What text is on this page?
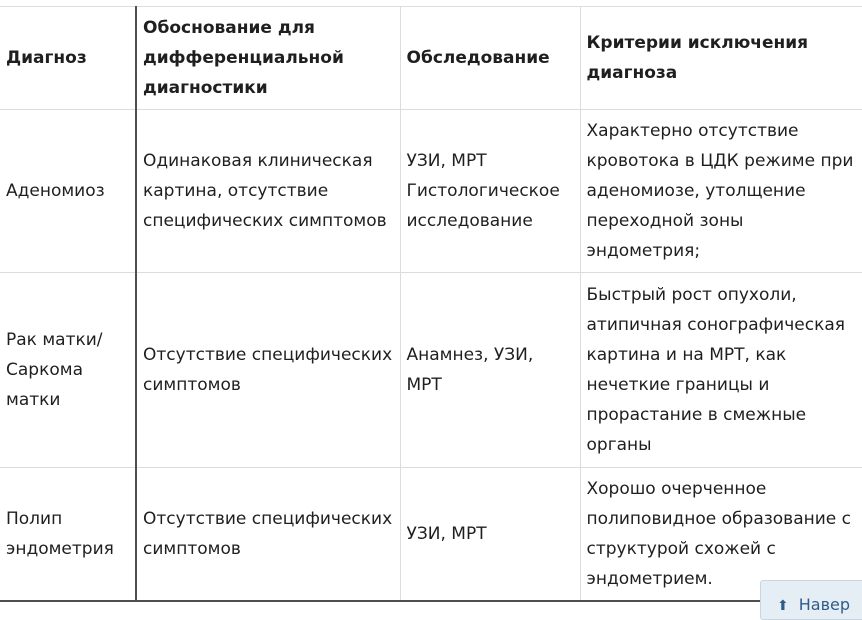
Диагноз	Обоснование для дифференциальной диагностики	Обследование	Критерии исключения диагноза
Аденомиоз	Одинаковая клиническая картина, отсутствие специфических симптомов	УЗИ, МРТ Гистологическое исследование	Характерно отсутствие кровотока в ЦДК режиме при аденомиозе, утолщение переходной зоны эндометрия;
Рак матки/ Саркома матки	Отсутствие специфических симптомов	Анамнез, УЗИ, МРТ	Быстрый рост опухоли, атипичная сонографическая картина и на МРТ, как нечеткие границы и прорастание в смежные органы
Полип эндометрия	Отсутствие специфических симптомов	УЗИ, МРТ	Хорошо очерченное полиповидное образование с структурой схожей с эндометрием.
⬆ Навер
